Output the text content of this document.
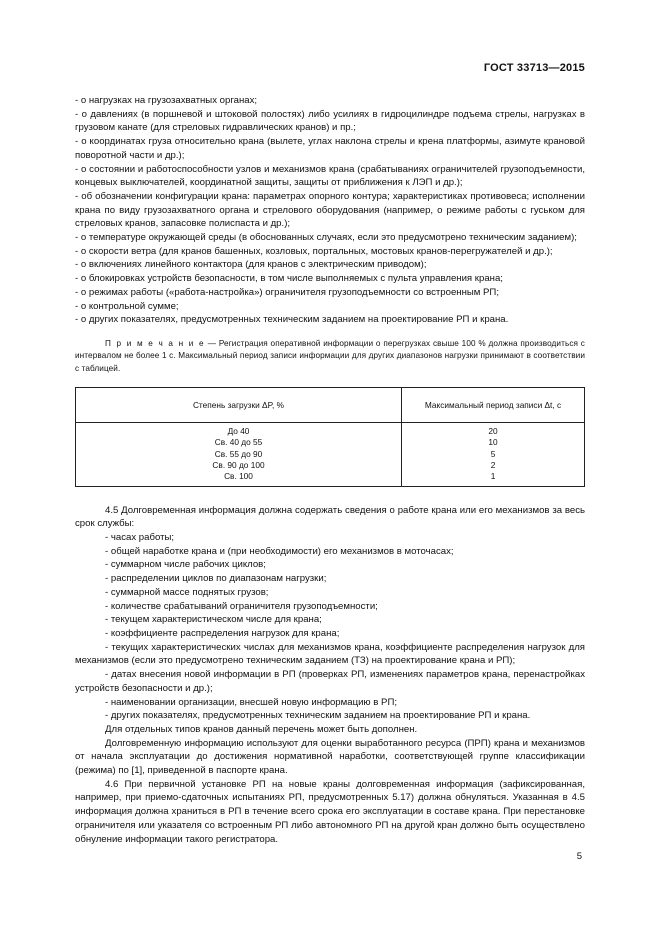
ГОСТ 33713—2015

- о нагрузках на грузозахватных органах;

- о давлениях (в поршневой и штоковой полостях) либо усилиях в гидроцилиндре подъема стрелы, нагрузках в грузовом канате (для стреловых гидравлических кранов) и пр.;

- о координатах груза относительно крана (вылете, углах наклона стрелы и крена платформы, азимуте крановой поворотной части и др.);

- о состоянии и работоспособности узлов и механизмов крана (срабатываниях ограничителей грузоподъемности, концевых выключателей, координатной защиты, защиты от приближения к ЛЭП и др.);

- об обозначении конфигурации крана: параметрах опорного контура; характеристиках противовеса; исполнении крана по виду грузозахватного органа и стрелового оборудования (например, о режиме работы с гуськом для стреловых кранов, запасовке полиспаста и др.);

- о температуре окружающей среды (в обоснованных случаях, если это предусмотрено техническим заданием);

- о скорости ветра (для кранов башенных, козловых, портальных, мостовых кранов-перегружателей и др.);

- о включениях линейного контактора (для кранов с электрическим приводом);

- о блокировках устройств безопасности, в том числе выполняемых с пульта управления крана;

- о режимах работы («работа-настройка») ограничителя грузоподъемности со встроенным РП;

- о контрольной сумме;

- о других показателях, предусмотренных техническим заданием на проектирование РП и крана.

П р и м е ч а н и е — Регистрация оперативной информации о перегрузках свыше 100 % должна производиться с интервалом не более 1 с. Максимальный период записи информации для других диапазонов нагрузки принимают в соответствии с таблицей.

Степень загрузки ΔP, %	Максимальный период записи Δt, с
До 40	20
Св. 40 до 55	10
Св. 55 до 90	5
Св. 90 до 100	2
Св. 100	1

4.5 Долговременная информация должна содержать сведения о работе крана или его механизмов за весь срок службы:

- часах работы;

- общей наработке крана и (при необходимости) его механизмов в моточасах;

- суммарном числе рабочих циклов;

- распределении циклов по диапазонам нагрузки;

- суммарной массе поднятых грузов;

- количестве срабатываний ограничителя грузоподъемности;

- текущем характеристическом числе для крана;

- коэффициенте распределения нагрузок для крана;

- текущих характеристических числах для механизмов крана, коэффициенте распределения нагрузок для механизмов (если это предусмотрено техническим заданием (ТЗ) на проектирование крана и РП);

- датах внесения новой информации в РП (проверках РП, изменениях параметров крана, перенастройках устройств безопасности и др.);

- наименовании организации, внесшей новую информацию в РП;

- других показателях, предусмотренных техническим заданием на проектирование РП и крана.

Для отдельных типов кранов данный перечень может быть дополнен.

Долговременную информацию используют для оценки выработанного ресурса (ПРП) крана и механизмов от начала эксплуатации до достижения нормативной наработки, соответствующей группе классификации (режима) по [1], приведенной в паспорте крана.

4.6 При первичной установке РП на новые краны долговременная информация (зафиксированная, например, при приемо-сдаточных испытаниях РП, предусмотренных 5.17) должна обнуляться. Указанная в 4.5 информация должна храниться в РП в течение всего срока его эксплуатации в составе крана. При перестановке ограничителя или указателя со встроенным РП либо автономного РП на другой кран должно быть осуществлено обнуление информации такого регистратора.

5
